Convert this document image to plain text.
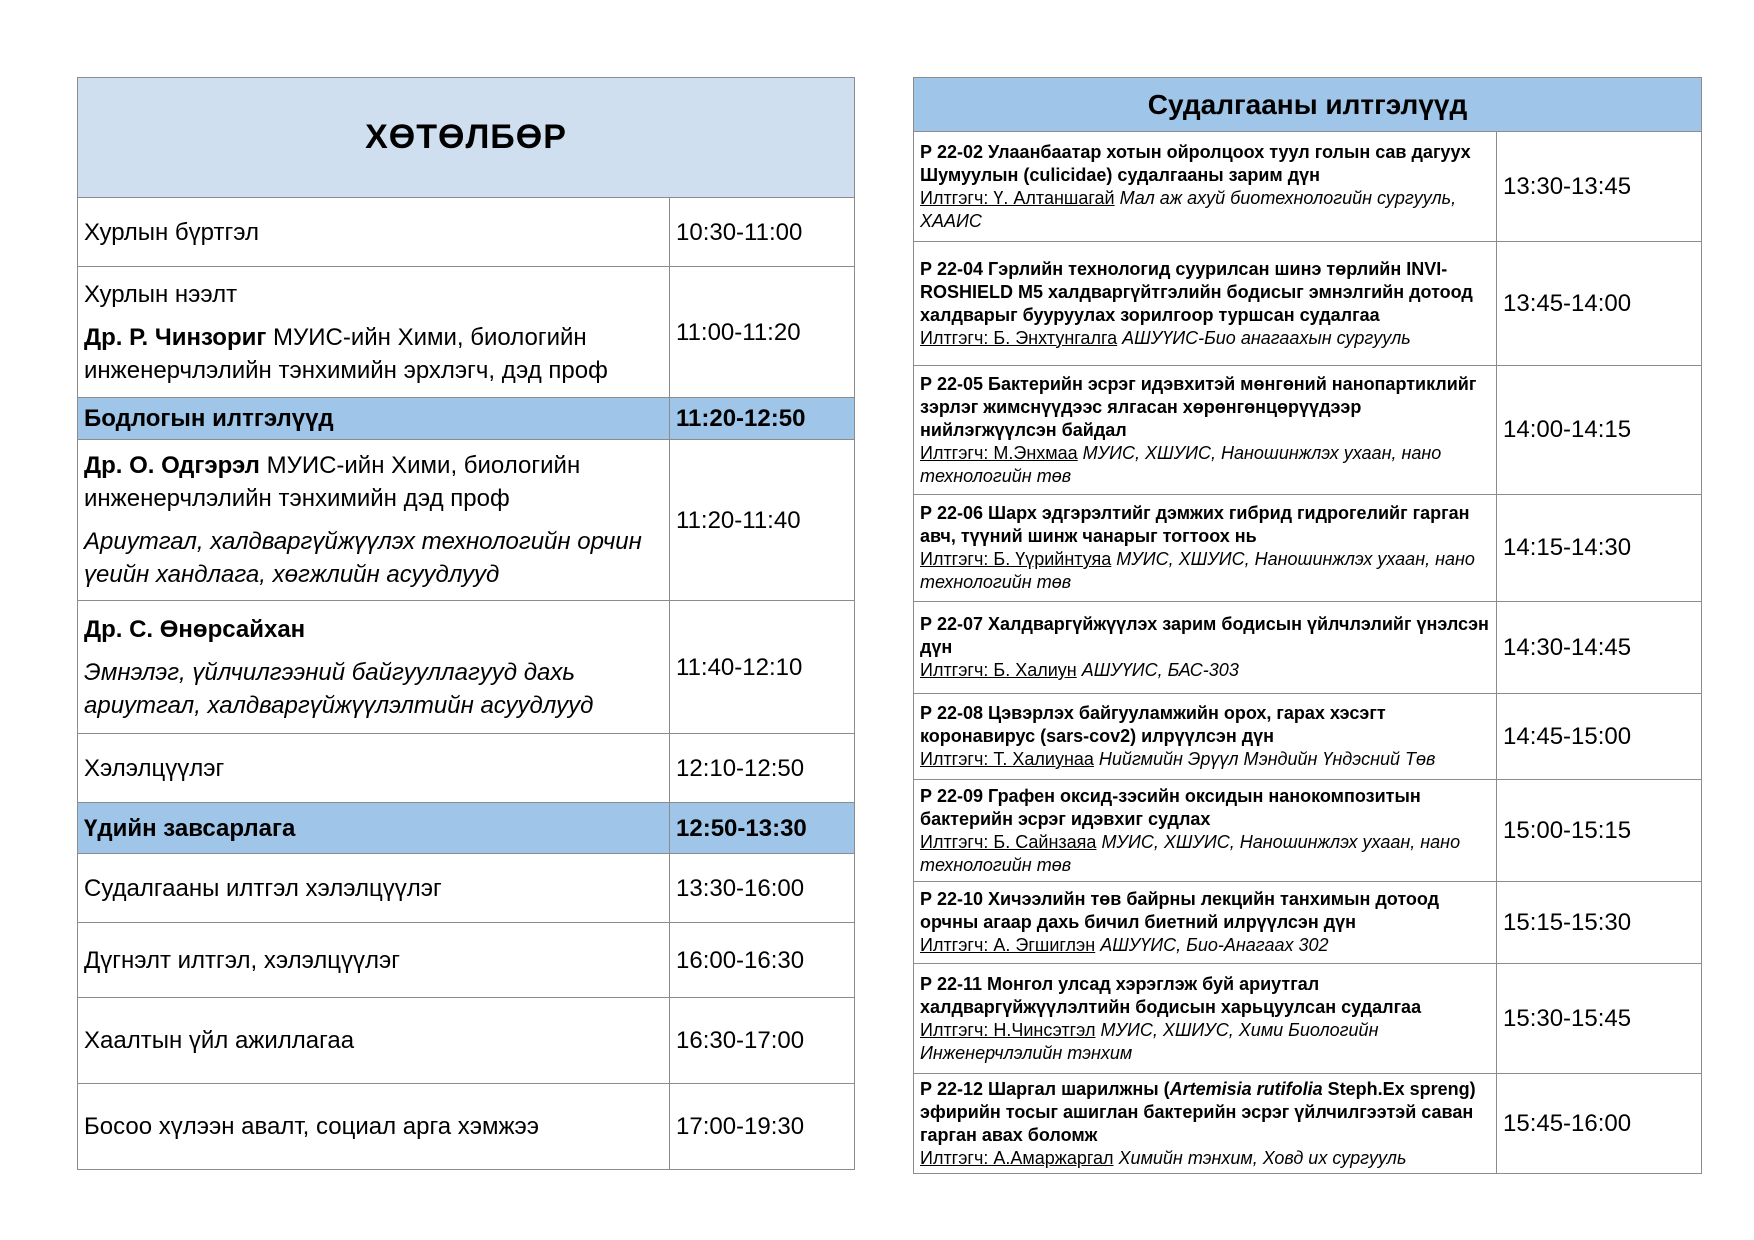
ХӨТӨЛБӨР	
Хурлын бүртгэл	10:30-11:00

Хурлын нээлт

Др. Р. Чинзориг МУИС-ийн Хими, биологийн инженерчлэлийн тэнхимийн эрхлэгч, дэд проф	11:00-11:20
Бодлогын илтгэлүүд	11:20-12:50

Др. О. Одгэрэл МУИС-ийн Хими, биологийн инженерчлэлийн тэнхимийн дэд проф

Ариутгал, халдваргүйжүүлэх технологийн орчин үеийн хандлага, хөгжлийн асуудлууд	11:20-11:40

Др. С. Өнөрсайхан

Эмнэлэг, үйлчилгээний байгууллагууд дахь ариутгал, халдваргүйжүүлэлтийн асуудлууд	11:40-12:10
Хэлэлцүүлэг	12:10-12:50
Үдийн завсарлага	12:50-13:30
Судалгааны илтгэл хэлэлцүүлэг	13:30-16:00
Дүгнэлт илтгэл, хэлэлцүүлэг	16:00-16:30
Хаалтын үйл ажиллагаа	16:30-17:00
Босоо хүлээн авалт, социал арга хэмжээ	17:00-19:30
Судалгааны илтгэлүүд	

Р 22-02 Улаанбаатар хотын ойролцоох туул голын сав дагуух Шумуулын (culicidae) судалгааны зарим дүн
Илтгэгч: Ү. Алтаншагай Мал аж ахуй биотехнологийн сургууль, ХААИС	13:30-13:45

Р 22-04 Гэрлийн технологид суурилсан шинэ төрлийн INVI-ROSHIELD M5 халдваргүйтгэлийн бодисыг эмнэлгийн дотоод халдварыг бууруулах зорилгоор туршсан судалгаа
Илтгэгч: Б. Энхтунгалга АШУҮИС-Био анагаахын сургууль	13:45-14:00

Р 22-05 Бактерийн эсрэг идэвхитэй мөнгөний нанопартиклийг зэрлэг жимснүүдээс ялгасан хөрөнгөнцөрүүдээр нийлэгжүүлсэн байдал
Илтгэгч: М.Энхмаа МУИС, ХШУИС, Наношинжлэх ухаан, нано технологийн төв	14:00-14:15

Р 22-06 Шарх эдгэрэлтийг дэмжих гибрид гидрогелийг гарган авч, түүний шинж чанарыг тогтоох нь
Илтгэгч: Б. Үүрийнтуяа МУИС, ХШУИС, Наношинжлэх ухаан, нано технологийн төв	14:15-14:30

Р 22-07 Халдваргүйжүүлэх зарим бодисын үйлчлэлийг үнэлсэн дүн
Илтгэгч: Б. Халиун АШУҮИС, БАС-303	14:30-14:45

Р 22-08 Цэвэрлэх байгууламжийн орох, гарах хэсэгт коронавирус (sars-cov2) илрүүлсэн дүн
Илтгэгч: Т. Халиунаа Нийгмийн Эрүүл Мэндийн Үндэсний Төв	14:45-15:00

Р 22-09 Графен оксид-зэсийн оксидын нанокомпозитын бактерийн эсрэг идэвхиг судлах
Илтгэгч: Б. Сайнзаяа МУИС, ХШУИС, Наношинжлэх ухаан, нано технологийн төв	15:00-15:15

Р 22-10 Хичээлийн төв байрны лекцийн танхимын дотоод орчны агаар дахь бичил биетний илрүүлсэн дүн
Илтгэгч: А. Эгшиглэн АШУҮИС, Био-Анагаах 302	15:15-15:30

Р 22-11 Монгол улсад хэрэглэж буй ариутгал халдваргүйжүүлэлтийн бодисын харьцуулсан судалгаа
Илтгэгч: Н.Чинсэтгэл МУИС, ХШИУС, Хими Биологийн Инженерчлэлийн тэнхим	15:30-15:45

Р 22-12 Шаргал шарилжны (Artemisia rutifolia Steph.Ex spreng) эфирийн тосыг ашиглан бактерийн эсрэг үйлчилгээтэй саван гарган авах боломж
Илтгэгч: А.Амаржаргал Химийн тэнхим, Ховд их сургууль	15:45-16:00
